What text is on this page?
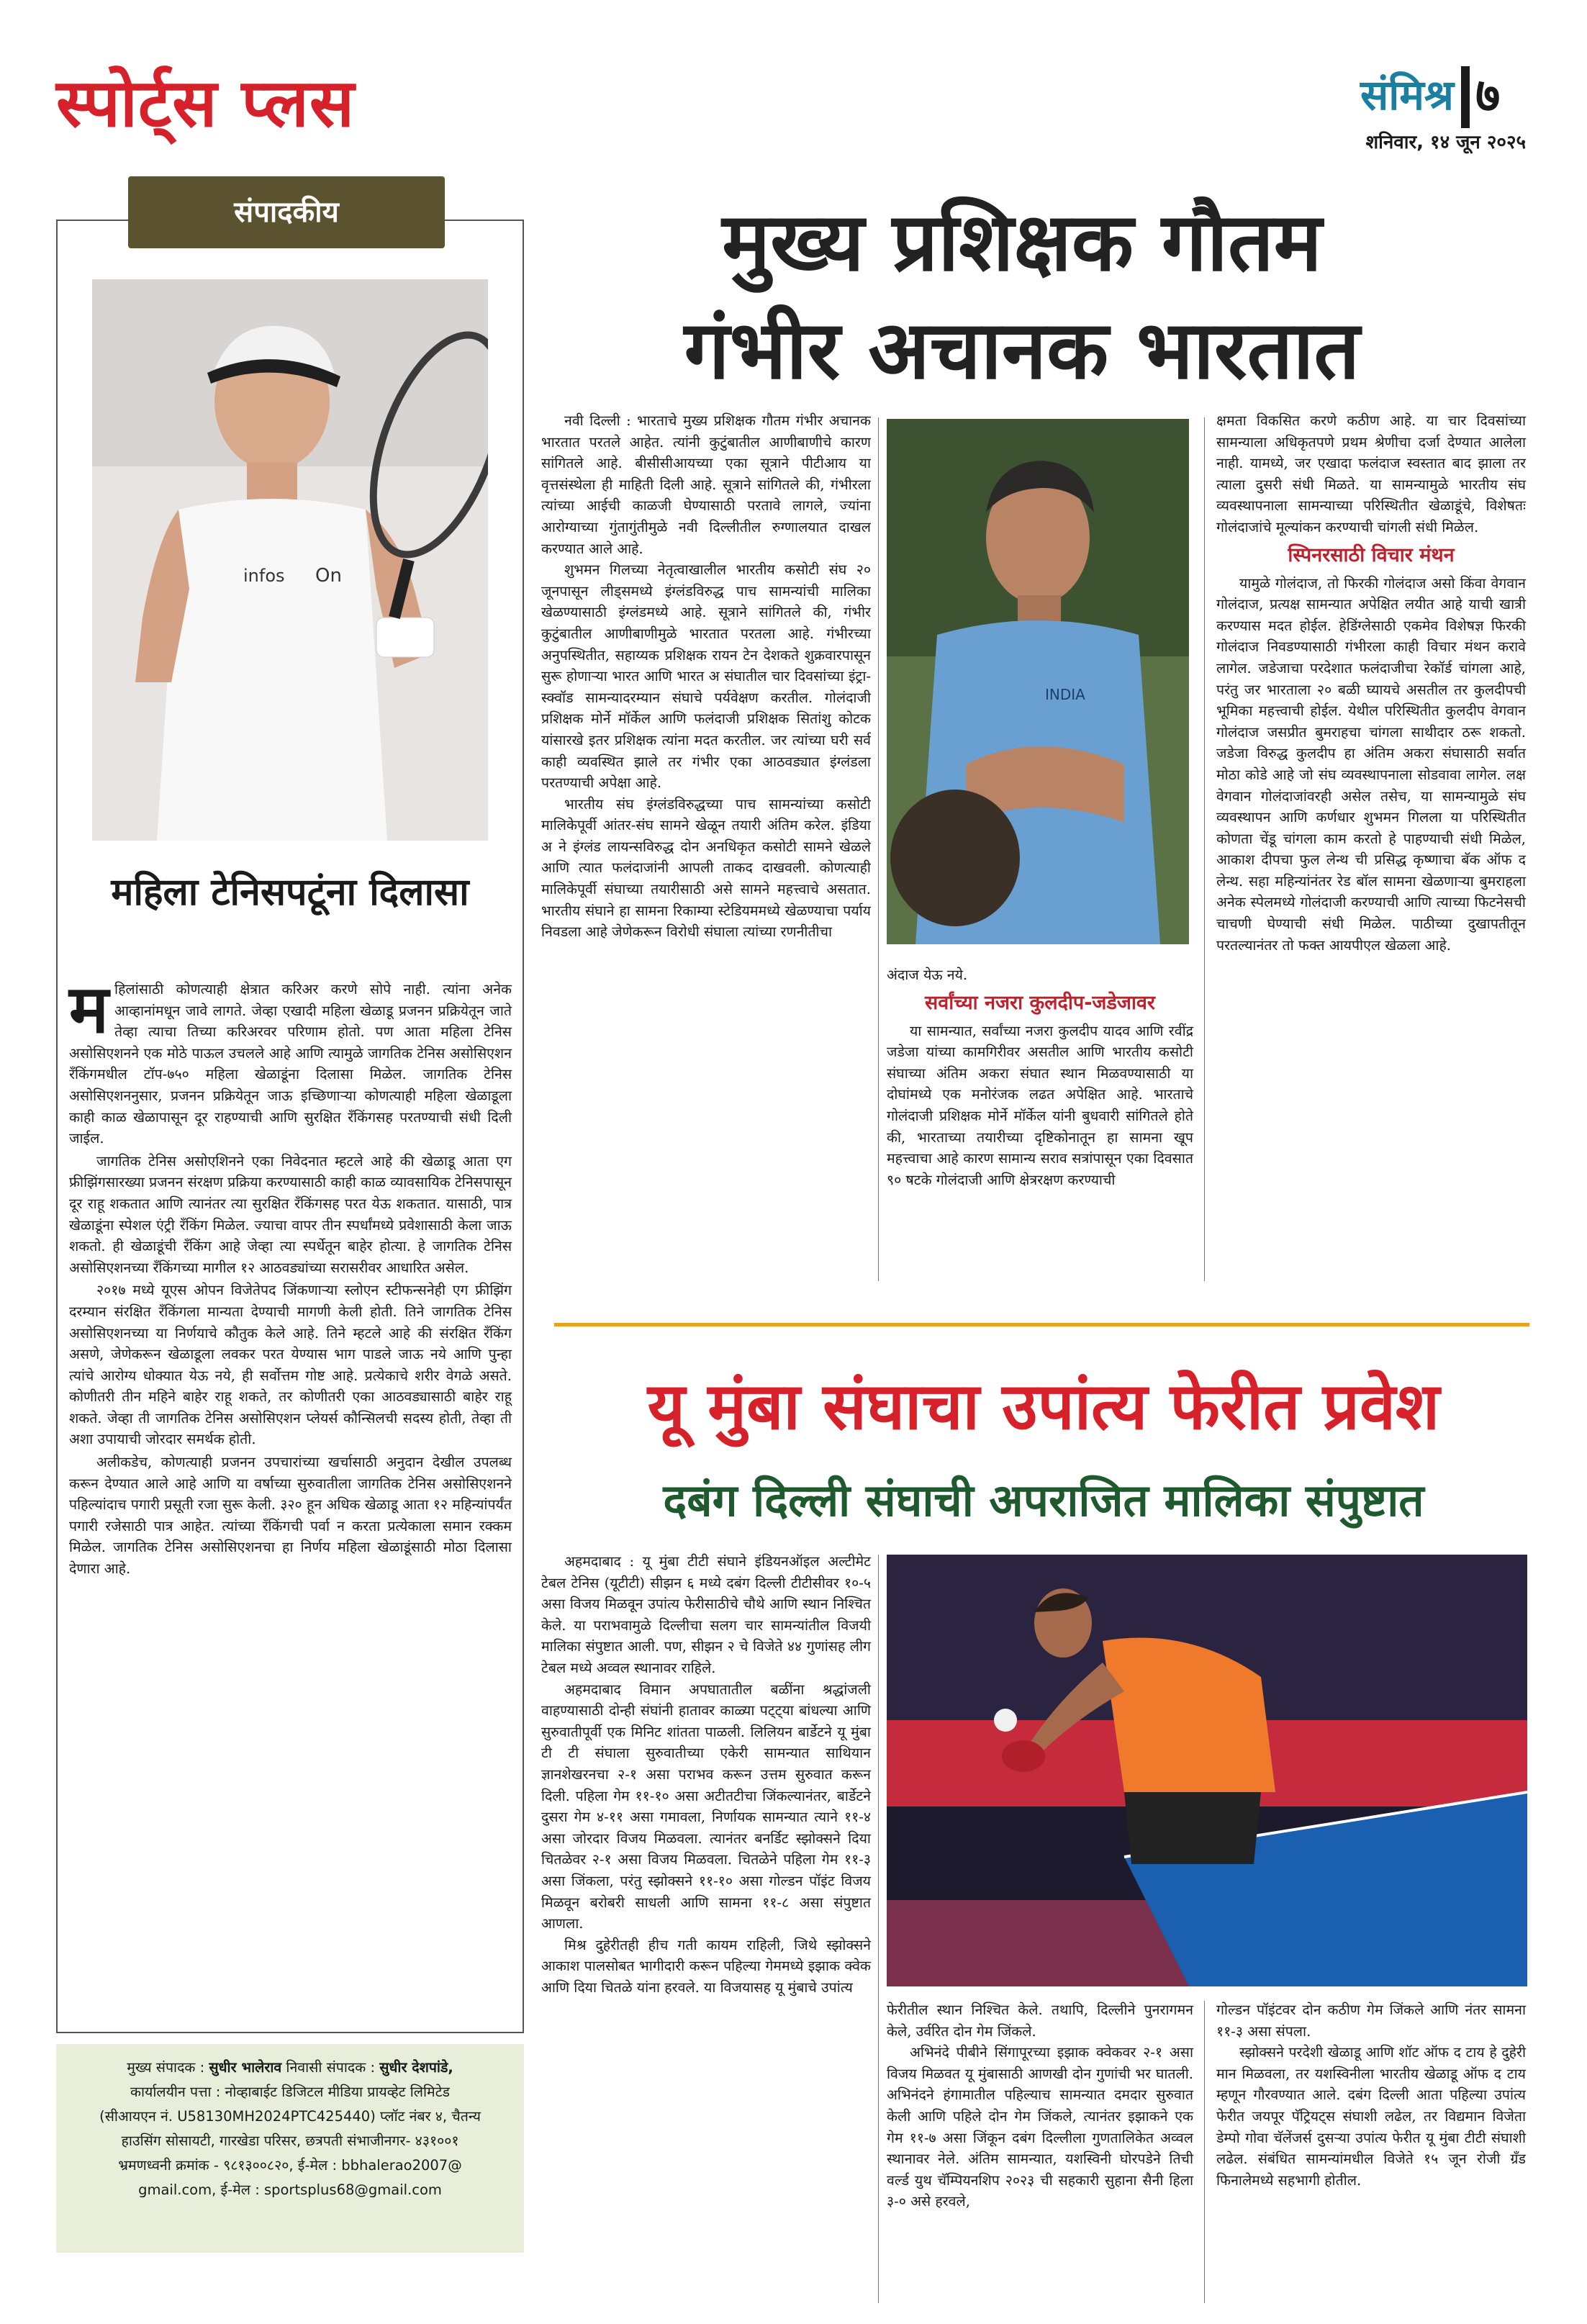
स्पोर्ट्स प्लस	संमिश्र ७
शनिवार, १४ जून २०२५
संपादकीय
infos On
महिला टेनिसपटूंना दिलासा

महिलांसाठी कोणत्याही क्षेत्रात करिअर करणे सोपे नाही. त्यांना अनेक आव्हानांमधून जावे लागते. जेव्हा एखादी महिला खेळाडू प्रजनन प्रक्रियेतून जाते तेव्हा त्याचा तिच्या करिअरवर परिणाम होतो. पण आता महिला टेनिस असोसिएशनने एक मोठे पाऊल उचलले आहे आणि त्यामुळे जागतिक टेनिस असोसिएशन रँकिंगमधील टॉप-७५० महिला खेळाडूंना दिलासा मिळेल. जागतिक टेनिस असोसिएशननुसार, प्रजनन प्रक्रियेतून जाऊ इच्छिणाऱ्या कोणत्याही महिला खेळाडूला काही काळ खेळापासून दूर राहण्याची आणि सुरक्षित रँकिंगसह परतण्याची संधी दिली जाईल.

जागतिक टेनिस असोएशिनने एका निवेदनात म्हटले आहे की खेळाडू आता एग फ्रीझिंगसारख्या प्रजनन संरक्षण प्रक्रिया करण्यासाठी काही काळ व्यावसायिक टेनिसपासून दूर राहू शकतात आणि त्यानंतर त्या सुरक्षित रँकिंगसह परत येऊ शकतात. यासाठी, पात्र खेळाडूंना स्पेशल एंट्री रँकिंग मिळेल. ज्याचा वापर तीन स्पर्धांमध्ये प्रवेशासाठी केला जाऊ शकतो. ही खेळाडूंची रँकिंग आहे जेव्हा त्या स्पर्धेतून बाहेर होत्या. हे जागतिक टेनिस असोसिएशनच्या रँकिंगच्या मागील १२ आठवड्यांच्या सरासरीवर आधारित असेल.

२०१७ मध्ये यूएस ओपन विजेतेपद जिंकणाऱ्या स्लोएन स्टीफन्सनेही एग फ्रीझिंग दरम्यान संरक्षित रँकिंगला मान्यता देण्याची मागणी केली होती. तिने जागतिक टेनिस असोसिएशनच्या या निर्णयाचे कौतुक केले आहे. तिने म्हटले आहे की संरक्षित रँकिंग असणे, जेणेकरून खेळाडूला लवकर परत येण्यास भाग पाडले जाऊ नये आणि पुन्हा त्यांचे आरोग्य धोक्यात येऊ नये, ही सर्वोत्तम गोष्ट आहे. प्रत्येकाचे शरीर वेगळे असते. कोणीतरी तीन महिने बाहेर राहू शकते, तर कोणीतरी एका आठवड्यासाठी बाहेर राहू शकते. जेव्हा ती जागतिक टेनिस असोसिएशन प्लेयर्स कौन्सिलची सदस्य होती, तेव्हा ती अशा उपायाची जोरदार समर्थक होती.

अलीकडेच, कोणत्याही प्रजनन उपचारांच्या खर्चासाठी अनुदान देखील उपलब्ध करून देण्यात आले आहे आणि या वर्षाच्या सुरुवातीला जागतिक टेनिस असोसिएशनने पहिल्यांदाच पगारी प्रसूती रजा सुरू केली. ३२० हून अधिक खेळाडू आता १२ महिन्यांपर्यंत पगारी रजेसाठी पात्र आहेत. त्यांच्या रँकिंगची पर्वा न करता प्रत्येकाला समान रक्कम मिळेल. जागतिक टेनिस असोसिएशनचा हा निर्णय महिला खेळाडूंसाठी मोठा दिलासा देणारा आहे.

मुख्य संपादक : सुधीर भालेराव निवासी संपादक : सुधीर देशपांडे,
कार्यालयीन पत्ता : नोव्हाबाईट डिजिटल मीडिया प्रायव्हेट लिमिटेड
(सीआयएन नं. U58130MH2024PTC425440) प्लॉट नंबर ४, चैतन्य
हाउसिंग सोसायटी, गारखेडा परिसर, छत्रपती संभाजीनगर- ४३१००१
भ्रमणध्वनी क्रमांक - ९८१३००८२०, ई-मेल : bbhalerao2007@
gmail.com, ई-मेल : sportsplus68@gmail.com
मुख्य प्रशिक्षक गौतम
गंभीर अचानक भारतात

नवी दिल्ली : भारताचे मुख्य प्रशिक्षक गौतम गंभीर अचानक भारतात परतले आहेत. त्यांनी कुटुंबातील आणीबाणीचे कारण सांगितले आहे. बीसीसीआयच्या एका सूत्राने पीटीआय या वृत्तसंस्थेला ही माहिती दिली आहे. सूत्राने सांगितले की, गंभीरला त्यांच्या आईची काळजी घेण्यासाठी परतावे लागले, ज्यांना आरोग्याच्या गुंतागुंतीमुळे नवी दिल्लीतील रुग्णालयात दाखल करण्यात आले आहे.

शुभमन गिलच्या नेतृत्वाखालील भारतीय कसोटी संघ २० जूनपासून लीड्समध्ये इंग्लंडविरुद्ध पाच सामन्यांची मालिका खेळण्यासाठी इंग्लंडमध्ये आहे. सूत्राने सांगितले की, गंभीर कुटुंबातील आणीबाणीमुळे भारतात परतला आहे. गंभीरच्या अनुपस्थितीत, सहाय्यक प्रशिक्षक रायन टेन देशकते शुक्रवारपासून सुरू होणाऱ्या भारत आणि भारत अ संघातील चार दिवसांच्या इंट्रा-स्क्वॉड सामन्यादरम्यान संघाचे पर्यवेक्षण करतील. गोलंदाजी प्रशिक्षक मोर्ने मॉर्केल आणि फलंदाजी प्रशिक्षक सितांशु कोटक यांसारखे इतर प्रशिक्षक त्यांना मदत करतील. जर त्यांच्या घरी सर्व काही व्यवस्थित झाले तर गंभीर एका आठवड्यात इंग्लंडला परतण्याची अपेक्षा आहे.

भारतीय संघ इंग्लंडविरुद्धच्या पाच सामन्यांच्या कसोटी मालिकेपूर्वी आंतर-संघ सामने खेळून तयारी अंतिम करेल. इंडिया अ ने इंग्लंड लायन्सविरुद्ध दोन अनधिकृत कसोटी सामने खेळले आणि त्यात फलंदाजांनी आपली ताकद दाखवली. कोणत्याही मालिकेपूर्वी संघाच्या तयारीसाठी असे सामने महत्त्वाचे असतात. भारतीय संघाने हा सामना रिकाम्या स्टेडियममध्ये खेळण्याचा पर्याय निवडला आहे जेणेकरून विरोधी संघाला त्यांच्या रणनीतीचा

INDIA

अंदाज येऊ नये.

सर्वांच्या नजरा कुलदीप-जडेजावर

या सामन्यात, सर्वांच्या नजरा कुलदीप यादव आणि रवींद्र जडेजा यांच्या कामगिरीवर असतील आणि भारतीय कसोटी संघाच्या अंतिम अकरा संघात स्थान मिळवण्यासाठी या दोघांमध्ये एक मनोरंजक लढत अपेक्षित आहे. भारताचे गोलंदाजी प्रशिक्षक मोर्ने मॉर्केल यांनी बुधवारी सांगितले होते की, भारताच्या तयारीच्या दृष्टिकोनातून हा सामना खूप महत्त्वाचा आहे कारण सामान्य सराव सत्रांपासून एका दिवसात ९० षटके गोलंदाजी आणि क्षेत्ररक्षण करण्याची

क्षमता विकसित करणे कठीण आहे. या चार दिवसांच्या सामन्याला अधिकृतपणे प्रथम श्रेणीचा दर्जा देण्यात आलेला नाही. यामध्ये, जर एखादा फलंदाज स्वस्तात बाद झाला तर त्याला दुसरी संधी मिळते. या सामन्यामुळे भारतीय संघ व्यवस्थापनाला सामन्याच्या परिस्थितीत खेळाडूंचे, विशेषतः गोलंदाजांचे मूल्यांकन करण्याची चांगली संधी मिळेल.

स्पिनरसाठी विचार मंथन

यामुळे गोलंदाज, तो फिरकी गोलंदाज असो किंवा वेगवान गोलंदाज, प्रत्यक्ष सामन्यात अपेक्षित लयीत आहे याची खात्री करण्यास मदत होईल. हेडिंग्लेसाठी एकमेव विशेषज्ञ फिरकी गोलंदाज निवडण्यासाठी गंभीरला काही विचार मंथन करावे लागेल. जडेजाचा परदेशात फलंदाजीचा रेकॉर्ड चांगला आहे, परंतु जर भारताला २० बळी घ्यायचे असतील तर कुलदीपची भूमिका महत्त्वाची होईल. येथील परिस्थितीत कुलदीप वेगवान गोलंदाज जसप्रीत बुमराहचा चांगला साथीदार ठरू शकतो. जडेजा विरुद्ध कुलदीप हा अंतिम अकरा संघासाठी सर्वात मोठा कोडे आहे जो संघ व्यवस्थापनाला सोडवावा लागेल. लक्ष वेगवान गोलंदाजांवरही असेल तसेच, या सामन्यामुळे संघ व्यवस्थापन आणि कर्णधार शुभमन गिलला या परिस्थितीत कोणता चेंडू चांगला काम करतो हे पाहण्याची संधी मिळेल, आकाश दीपचा फुल लेन्थ ची प्रसिद्ध कृष्णाचा बॅक ऑफ द लेन्थ. सहा महिन्यांनंतर रेड बॉल सामना खेळणाऱ्या बुमराहला अनेक स्पेलमध्ये गोलंदाजी करण्याची आणि त्याच्या फिटनेसची चाचणी घेण्याची संधी मिळेल. पाठीच्या दुखापतीतून परतल्यानंतर तो फक्त आयपीएल खेळला आहे.

यू मुंबा संघाचा उपांत्य फेरीत प्रवेश
दबंग दिल्ली संघाची अपराजित मालिका संपुष्टात

अहमदाबाद : यू मुंबा टीटी संघाने इंडियनऑइल अल्टीमेट टेबल टेनिस (यूटीटी) सीझन ६ मध्ये दबंग दिल्ली टीटीसीवर १०-५ असा विजय मिळवून उपांत्य फेरीसाठीचे चौथे आणि स्थान निश्चित केले. या पराभवामुळे दिल्लीचा सलग चार सामन्यांतील विजयी मालिका संपुष्टात आली. पण, सीझन २ चे विजेते ४४ गुणांसह लीग टेबल मध्ये अव्वल स्थानावर राहिले.

अहमदाबाद विमान अपघातातील बळींना श्रद्धांजली वाहण्यासाठी दोन्ही संघांनी हातावर काळ्या पट्ट्या बांधल्या आणि सुरुवातीपूर्वी एक मिनिट शांतता पाळली. लिलियन बार्डेटने यू मुंबा टी टी संघाला सुरुवातीच्या एकेरी सामन्यात साथियान ज्ञानशेखरनचा २-१ असा पराभव करून उत्तम सुरुवात करून दिली. पहिला गेम ११-१० असा अटीतटीचा जिंकल्यानंतर, बार्डेटने दुसरा गेम ४-११ असा गमावला, निर्णायक सामन्यात त्याने ११-४ असा जोरदार विजय मिळवला. त्यानंतर बनर्डिट स्झोक्सने दिया चितळेवर २-१ असा विजय मिळवला. चितळेने पहिला गेम ११-३ असा जिंकला, परंतु स्झोक्सने ११-१० असा गोल्डन पॉइंट विजय मिळवून बरोबरी साधली आणि सामना ११-८ असा संपुष्टात आणला.

मिश्र दुहेरीतही हीच गती कायम राहिली, जिथे स्झोक्सने आकाश पालसोबत भागीदारी करून पहिल्या गेममध्ये इझाक क्वेक आणि दिया चितळे यांना हरवले. या विजयासह यू मुंबाचे उपांत्य

फेरीतील स्थान निश्चित केले. तथापि, दिल्लीने पुनरागमन केले, उर्वरित दोन गेम जिंकले.

अभिनंदे पीबीने सिंगापूरच्या इझाक क्वेकवर २-१ असा विजय मिळवत यू मुंबासाठी आणखी दोन गुणांची भर घातली. अभिनंदने हंगामातील पहिल्याच सामन्यात दमदार सुरुवात केली आणि पहिले दोन गेम जिंकले, त्यानंतर इझाकने एक गेम ११-७ असा जिंकून दबंग दिल्लीला गुणतालिकेत अव्वल स्थानावर नेले. अंतिम सामन्यात, यशस्विनी घोरपडेने तिची वर्ल्ड युथ चॅम्पियनशिप २०२३ ची सहकारी सुहाना सैनी हिला ३-० असे हरवले,

गोल्डन पॉइंटवर दोन कठीण गेम जिंकले आणि नंतर सामना ११-३ असा संपला.

स्झोक्सने परदेशी खेळाडू आणि शॉट ऑफ द टाय हे दुहेरी मान मिळवला, तर यशस्विनीला भारतीय खेळाडू ऑफ द टाय म्हणून गौरवण्यात आले. दबंग दिल्ली आता पहिल्या उपांत्य फेरीत जयपूर पॅट्रियट्स संघाशी लढेल, तर विद्यमान विजेता डेम्पो गोवा चॅलेंजर्स दुसऱ्या उपांत्य फेरीत यू मुंबा टीटी संघाशी लढेल. संबंधित सामन्यांमधील विजेते १५ जून रोजी ग्रँड फिनालेमध्ये सहभागी होतील.
